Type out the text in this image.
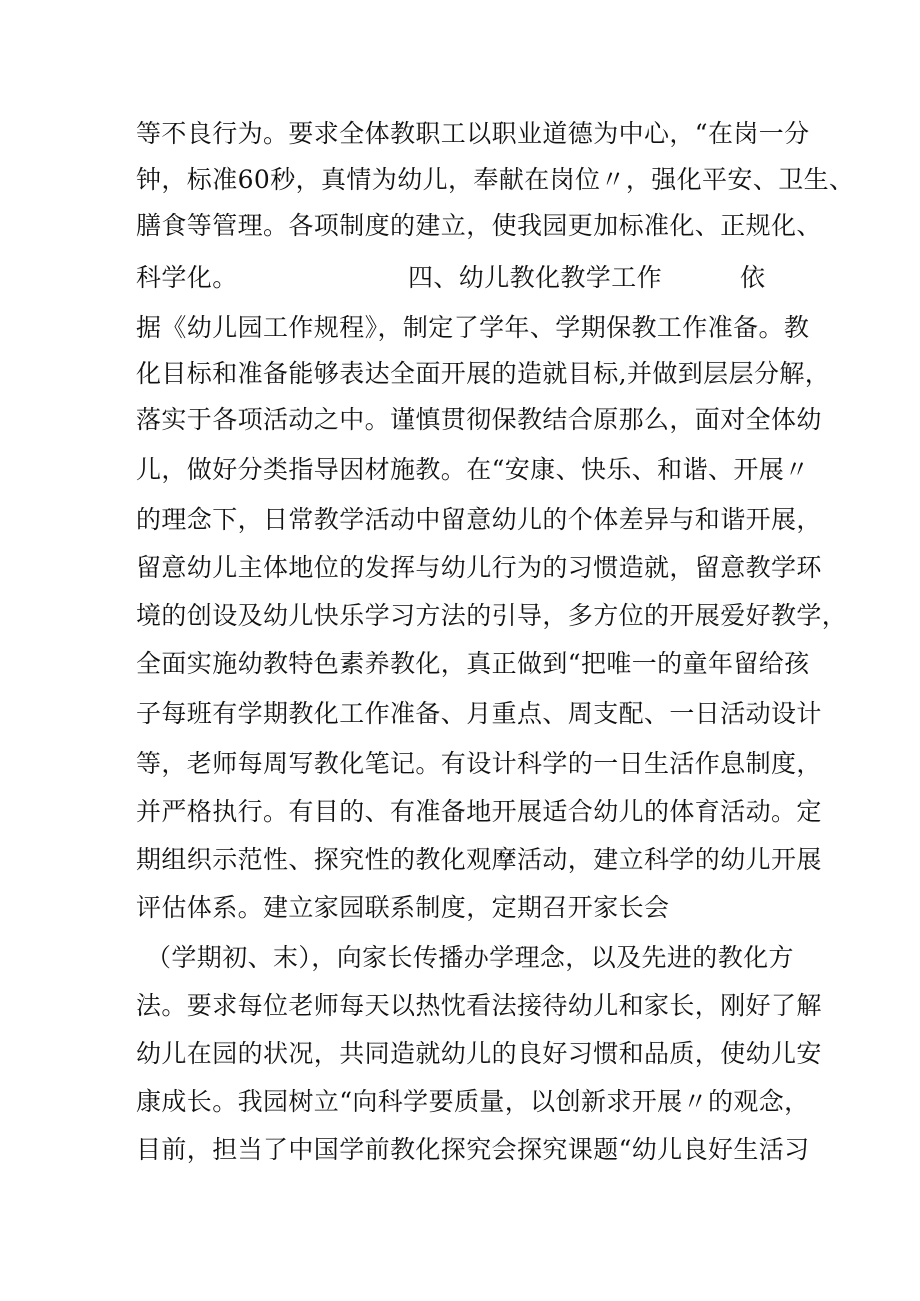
等不良行为。要求全体教职工以职业道德为中心，“在岗一分
钟，标准60秒，真情为幼儿，奉献在岗位〃，强化平安、卫生、
膳食等管理。各项制度的建立，使我园更加标准化、正规化、
科学化。	四、幼儿教化教学工作	依
据《幼儿园工作规程》，制定了学年、学期保教工作准备。教
化目标和准备能够表达全面开展的造就目标,并做到层层分解，
落实于各项活动之中。谨慎贯彻保教结合原那么，面对全体幼
儿，做好分类指导因材施教。在“安康、快乐、和谐、开展〃
的理念下，日常教学活动中留意幼儿的个体差异与和谐开展，
留意幼儿主体地位的发挥与幼儿行为的习惯造就，留意教学环
境的创设及幼儿快乐学习方法的引导，多方位的开展爱好教学，
全面实施幼教特色素养教化，真正做到“把唯一的童年留给孩
子每班有学期教化工作准备、月重点、周支配、一日活动设计
等，老师每周写教化笔记。有设计科学的一日生活作息制度，
并严格执行。有目的、有准备地开展适合幼儿的体育活动。定
期组织示范性、探究性的教化观摩活动，建立科学的幼儿开展
评估体系。建立家园联系制度，定期召开家长会
（学期初、末），向家长传播办学理念，以及先进的教化方
法。要求每位老师每天以热忱看法接待幼儿和家长，刚好了解
幼儿在园的状况，共同造就幼儿的良好习惯和品质，使幼儿安
康成长。我园树立“向科学要质量，以创新求开展〃的观念，
目前，担当了中国学前教化探究会探究课题“幼儿良好生活习
